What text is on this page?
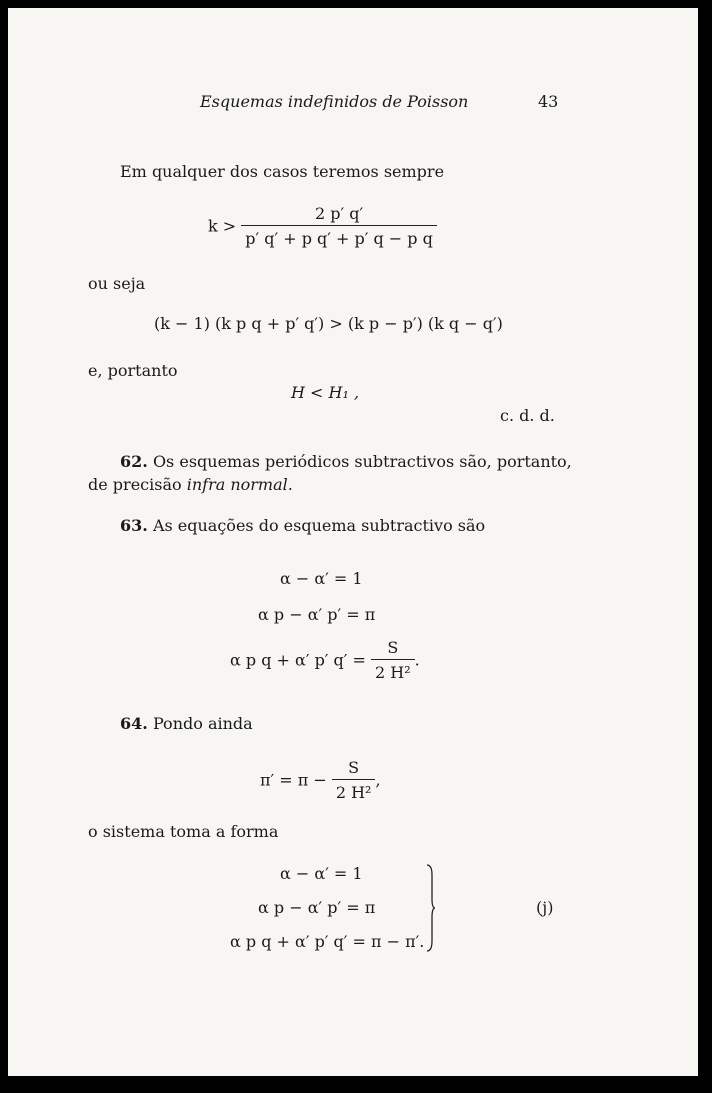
Esquemas indefinidos de Poisson	43
Em qualquer dos casos teremos sempre
$k > \frac{2 p' q'}{\text{p′ q′ + p q′ + p′ q − p q}}$
ou seja
(k − 1) (k p q + p′ q′) > (k p − p′) (k q − q′)
e, portanto
H < H₁ ,
c. d. d.
62. Os esquemas periódicos subtractivos são, portanto,
de precisão infra normal.
63. As equações do esquema subtractivo são
α − α′ = 1
α p − α′ p′ = π
α p q + α′ p′ $q' = \frac{S}{\text{2 H²}}$ .
64. Pondo ainda
$\pi' = \pi - \frac{S}{\text{2 H²}}$ ,
o sistema toma a forma
α − α′ = 1
α p − α′ p′ = π
α p q + α′ p′ q′ = π − π′.
(j)
